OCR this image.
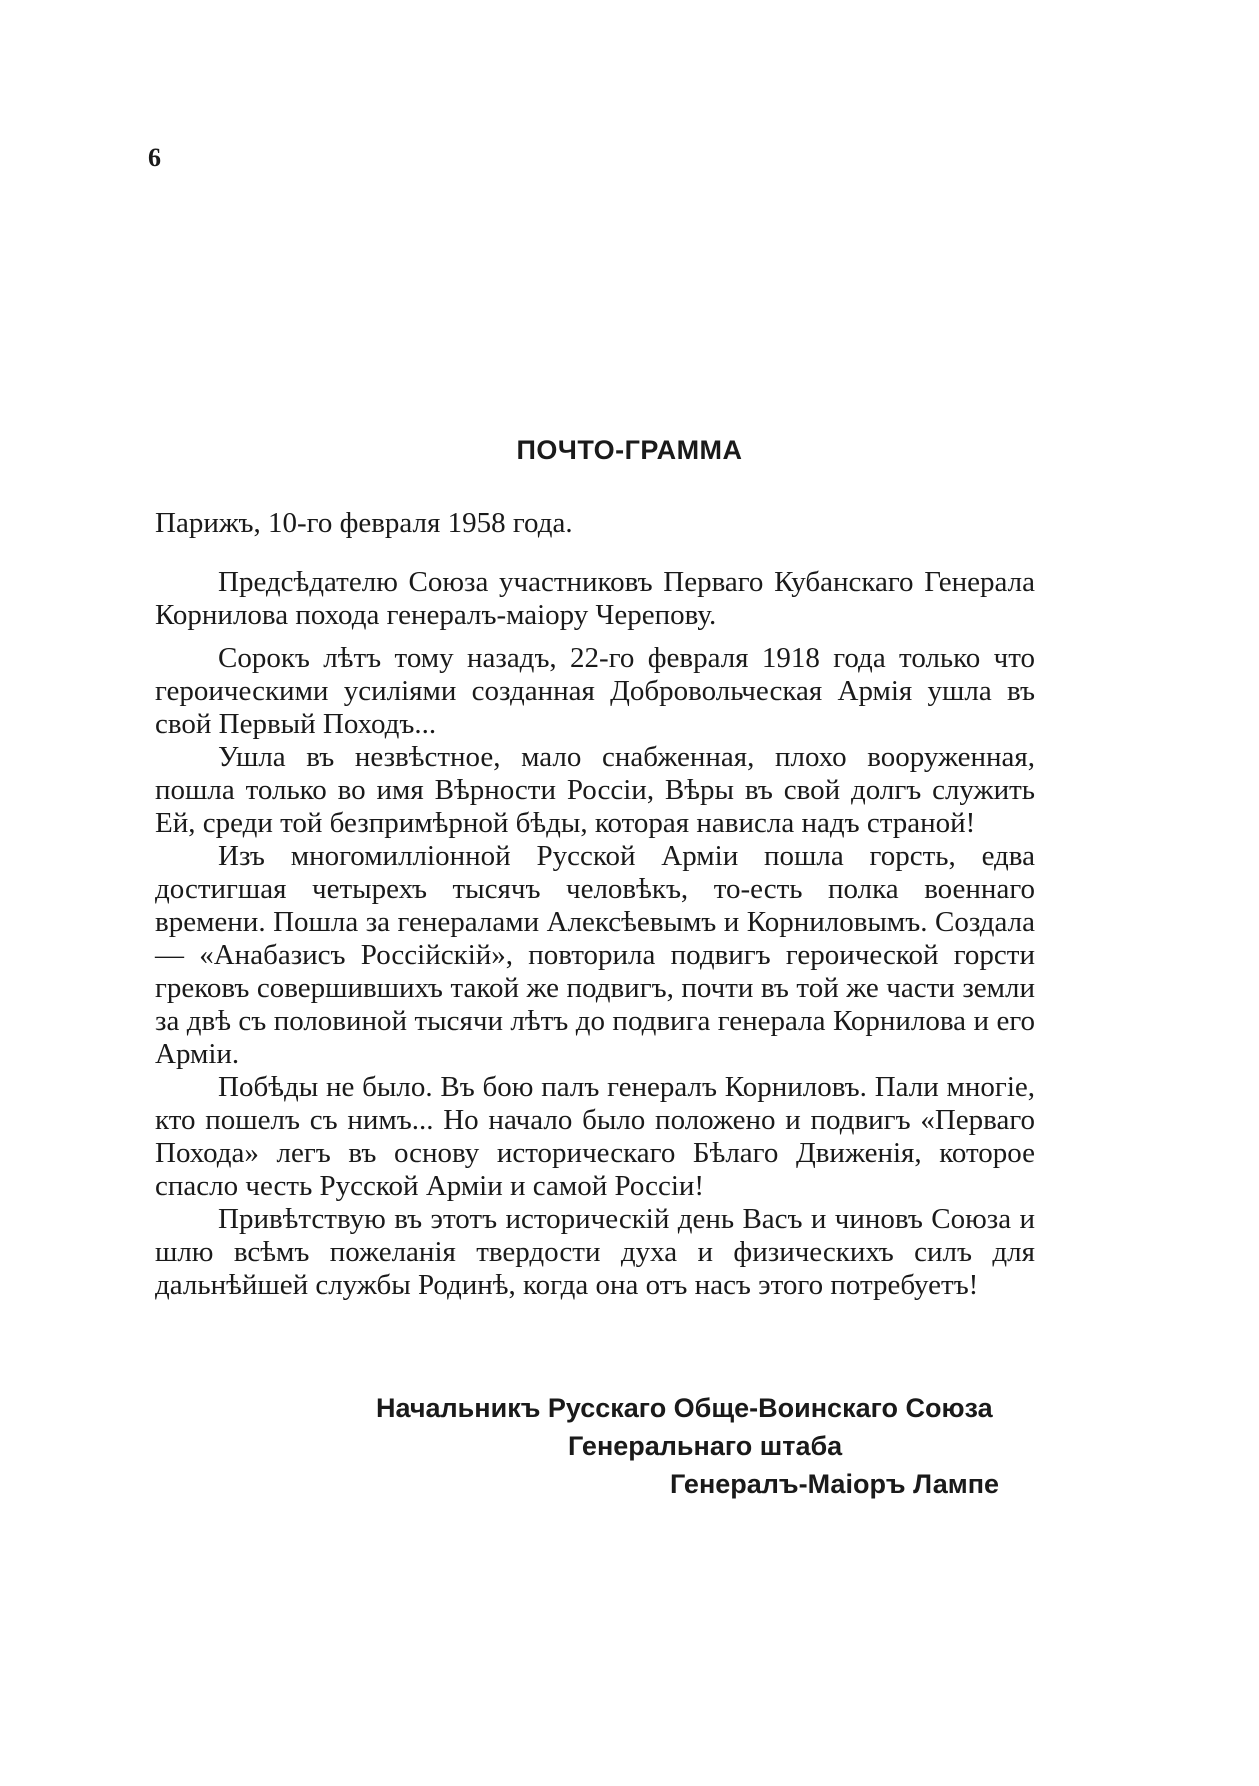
6
ПОЧТО-ГРАММА
Парижъ, 10-го февраля 1958 года.

Предсѣдателю Союза участниковъ Перваго Кубанскаго Генерала Корнилова похода генералъ-маіору Черепову.

Сорокъ лѣтъ тому назадъ, 22-го февраля 1918 года только что героическими усиліями созданная Добровольческая Армія ушла въ свой Первый Походъ...

Ушла въ незвѣстное, мало снабженная, плохо вооруженная, пошла только во имя Вѣрности Россіи, Вѣры въ свой долгъ служить Ей, среди той безпримѣрной бѣды, которая нависла надъ страной!

Изъ многомилліонной Русской Арміи пошла горсть, едва достигшая четырехъ тысячъ человѣкъ, то-есть полка военнаго времени. Пошла за генералами Алексѣевымъ и Корниловымъ. Создала — «Анабазисъ Россійскій», повторила подвигъ героической горсти грековъ совершившихъ такой же подвигъ, почти въ той же части земли за двѣ съ половиной тысячи лѣтъ до подвига генерала Корнилова и его Арміи.

Побѣды не было. Въ бою палъ генералъ Корниловъ. Пали многіе, кто пошелъ съ нимъ... Но начало было положено и подвигъ «Перваго Похода» легъ въ основу историческаго Бѣлаго Движенія, которое спасло честь Русской Арміи и самой Россіи!

Привѣтствую въ этотъ историческій день Васъ и чиновъ Союза и шлю всѣмъ пожеланія твердости духа и физическихъ силъ для дальнѣйшей службы Родинѣ, когда она отъ насъ этого потребуетъ!

Начальникъ Русскаго Обще-Воинскаго Союза
Генеральнаго штаба
Генералъ-Маіоръ Лампе
